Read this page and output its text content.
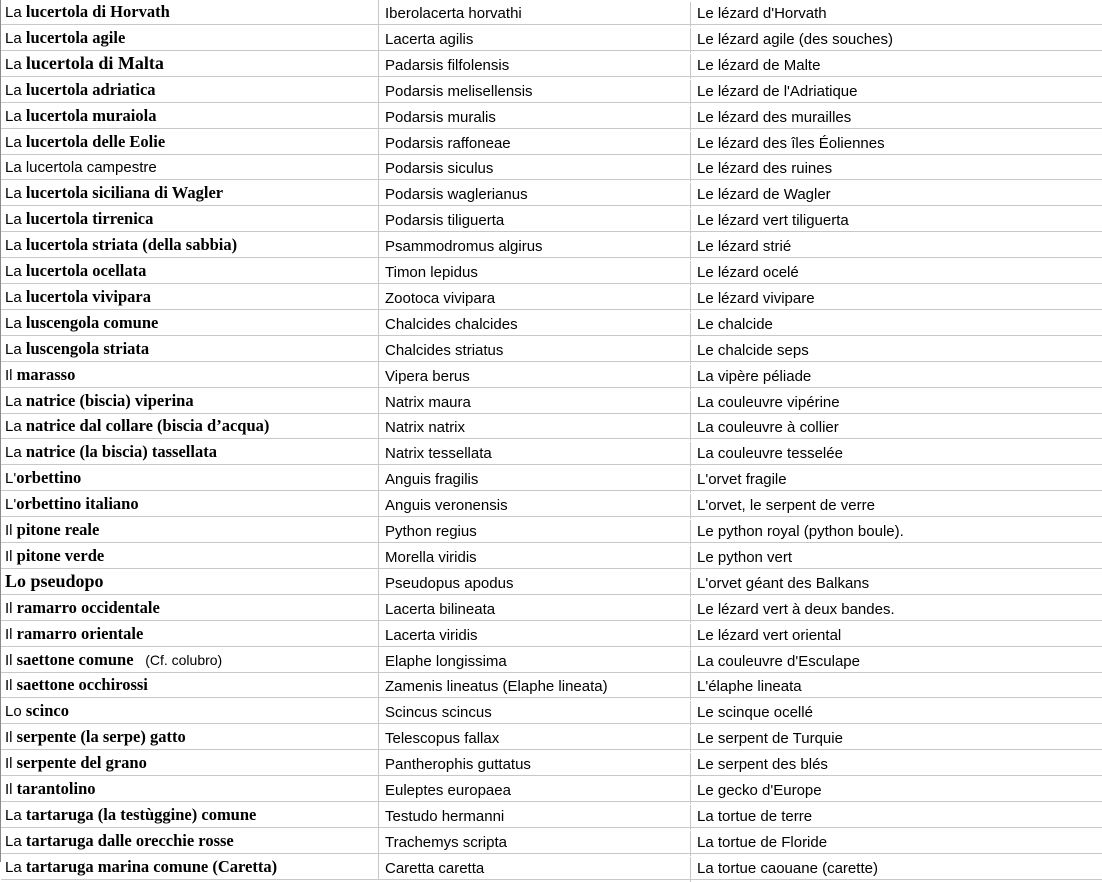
La lucertola di Horvath	Iberolacerta horvathi	Le lézard d'Horvath
La lucertola agile	Lacerta agilis	Le lézard agile (des souches)
La lucertola di Malta	Padarsis filfolensis	Le lézard de Malte
La lucertola adriatica	Podarsis melisellensis	Le lézard de l'Adriatique
La lucertola muraiola	Podarsis muralis	Le lézard des murailles
La lucertola delle Eolie	Podarsis raffoneae	Le lézard des îles Éoliennes
La lucertola campestre	Podarsis siculus	Le lézard des ruines
La lucertola siciliana di Wagler	Podarsis waglerianus	Le lézard de Wagler
La lucertola tirrenica	Podarsis tiliguerta	Le lézard vert tiliguerta
La lucertola striata (della sabbia)	Psammodromus algirus	Le lézard strié
La lucertola ocellata	Timon lepidus	Le lézard ocelé
La lucertola vivipara	Zootoca vivipara	Le lézard vivipare
La luscengola comune	Chalcides chalcides	Le chalcide
La luscengola striata	Chalcides striatus	Le chalcide seps
Il marasso	Vipera berus	La vipère péliade
La natrice (biscia) viperina	Natrix maura	La couleuvre vipérine
La natrice dal collare (biscia d’acqua)	Natrix natrix	La couleuvre à collier
La natrice (la biscia) tassellata	Natrix tessellata	La couleuvre tesselée
L'orbettino	Anguis fragilis	L'orvet fragile
L'orbettino italiano	Anguis veronensis	L'orvet, le serpent de verre
Il pitone reale	Python regius	Le python royal (python boule).
Il pitone verde	Morella viridis	Le python vert
Lo pseudopo	Pseudopus apodus	L'orvet géant des Balkans
Il ramarro occidentale	Lacerta bilineata	Le lézard vert à deux bandes.
Il ramarro orientale	Lacerta viridis	Le lézard vert oriental
Il saettone comune   (Cf. colubro)	Elaphe longissima	La couleuvre d'Esculape
Il saettone occhirossi	Zamenis lineatus (Elaphe lineata)	L'élaphe lineata
Lo scinco	Scincus scincus	Le scinque ocellé
Il serpente (la serpe) gatto	Telescopus fallax	Le serpent de Turquie
Il serpente del grano	Pantherophis guttatus	Le serpent des blés
Il tarantolino	Euleptes europaea	Le gecko d'Europe
La tartaruga (la testùggine) comune	Testudo hermanni	La tortue de terre
La tartaruga dalle orecchie rosse	Trachemys scripta	La tortue de Floride
La tartaruga marina comune (Caretta)	Caretta caretta	La tortue caouane (carette)
